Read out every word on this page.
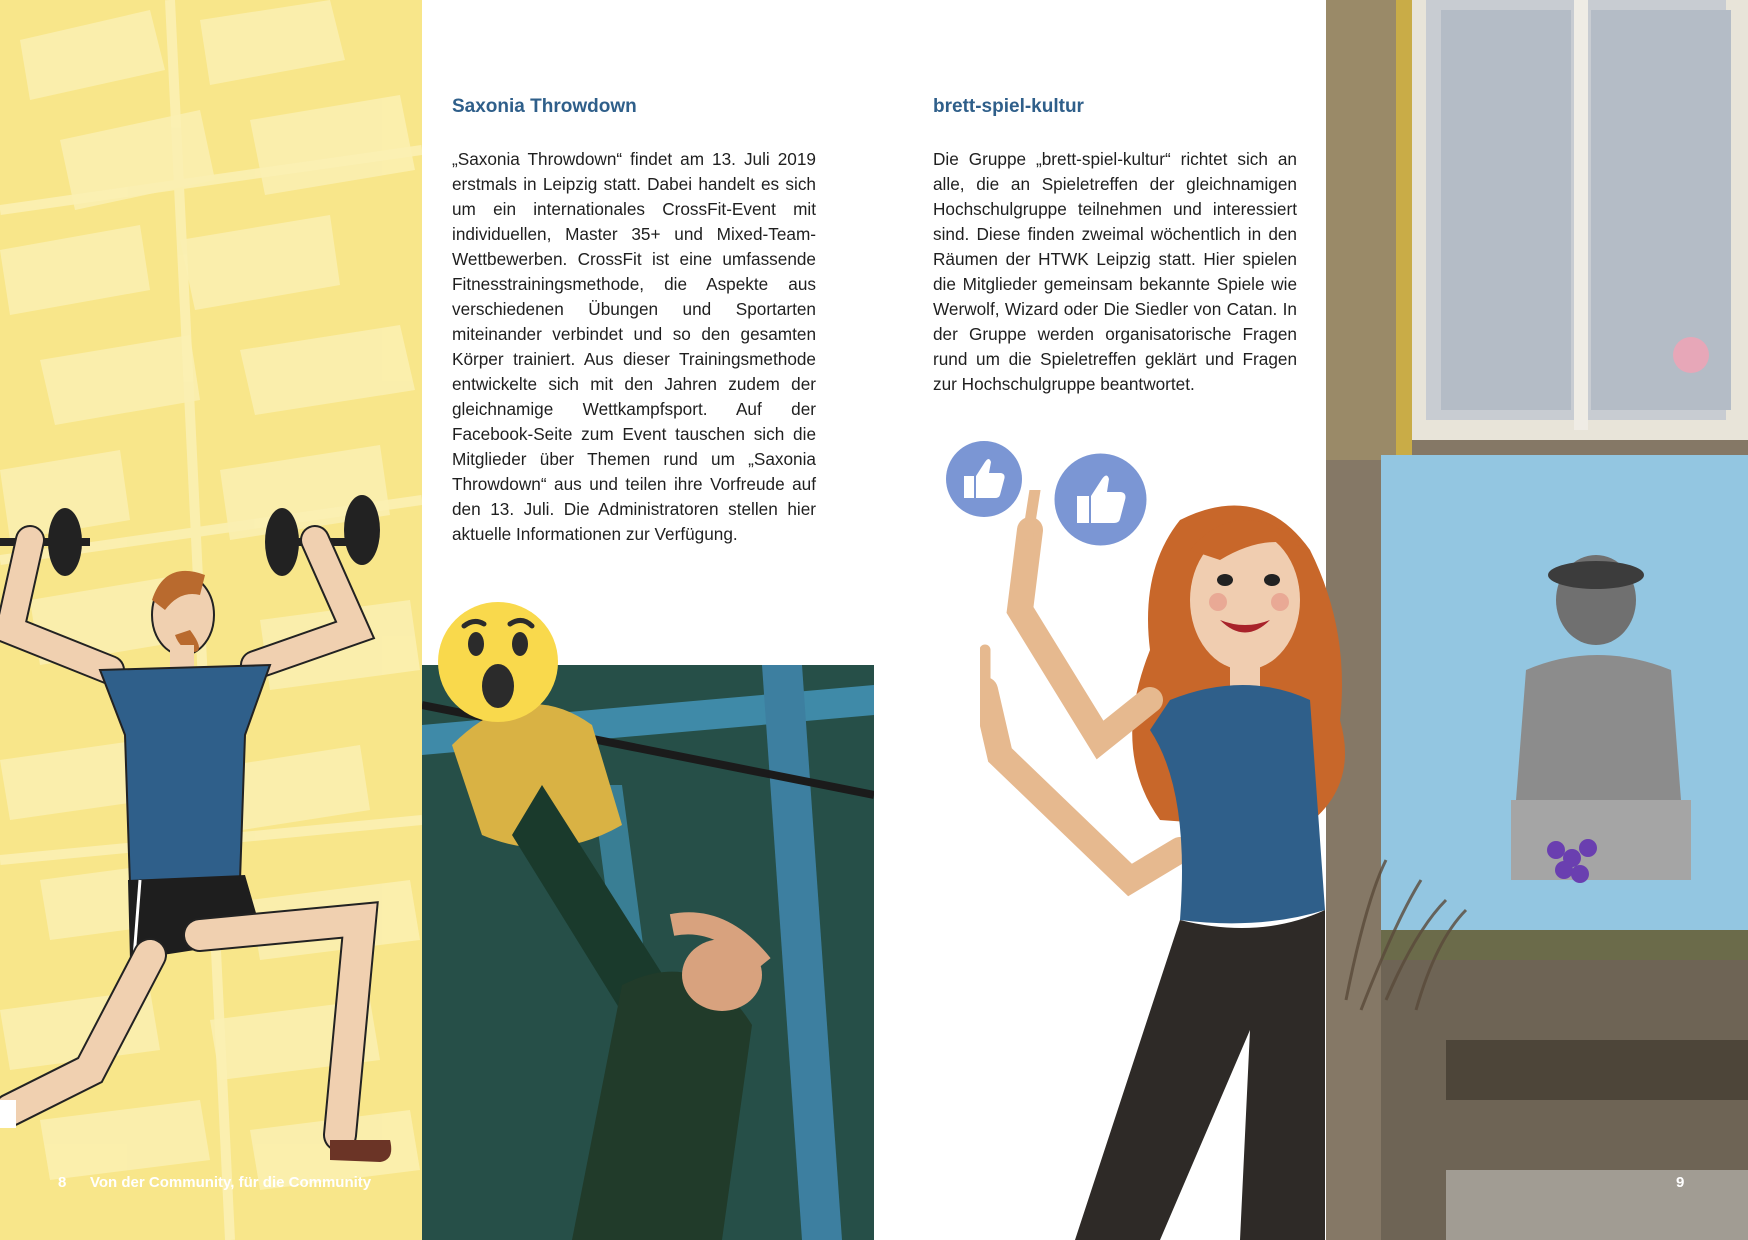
Saxonia Throwdown

„Saxonia Throwdown“ findet am 13. Juli 2019 erstmals in Leipzig statt. Dabei handelt es sich um ein internationales CrossFit-Event mit individuellen, Master 35+ und Mixed-Team-Wettbewerben. CrossFit ist eine umfassende Fitnesstrainingsmethode, die Aspekte aus verschiedenen Übungen und Sportarten miteinander verbindet und so den gesamten Körper trainiert. Aus dieser Trainingsmethode entwickelte sich mit den Jahren zudem der gleichnamige Wettkampfsport. Auf der Facebook-Seite zum Event tauschen sich die Mitglieder über Themen rund um „Saxonia Throwdown“ aus und teilen ihre Vorfreude auf den 13. Juli. Die Administratoren stellen hier aktuelle Informationen zur Verfügung.

brett-spiel-kultur

Die Gruppe „brett-spiel-kultur“ richtet sich an alle, die an Spieletreffen der gleichnamigen Hochschulgruppe teilnehmen und interessiert sind. Diese finden zweimal wöchentlich in den Räumen der HTWK Leipzig statt. Hier spielen die Mitglieder gemeinsam bekannte Spiele wie Werwolf, Wizard oder Die Siedler von Catan. In der Gruppe werden organisatorische Fragen rund um die Spieletreffen geklärt und Fragen zur Hochschulgruppe beantwortet.

8 Von der Community, für die Community	9
